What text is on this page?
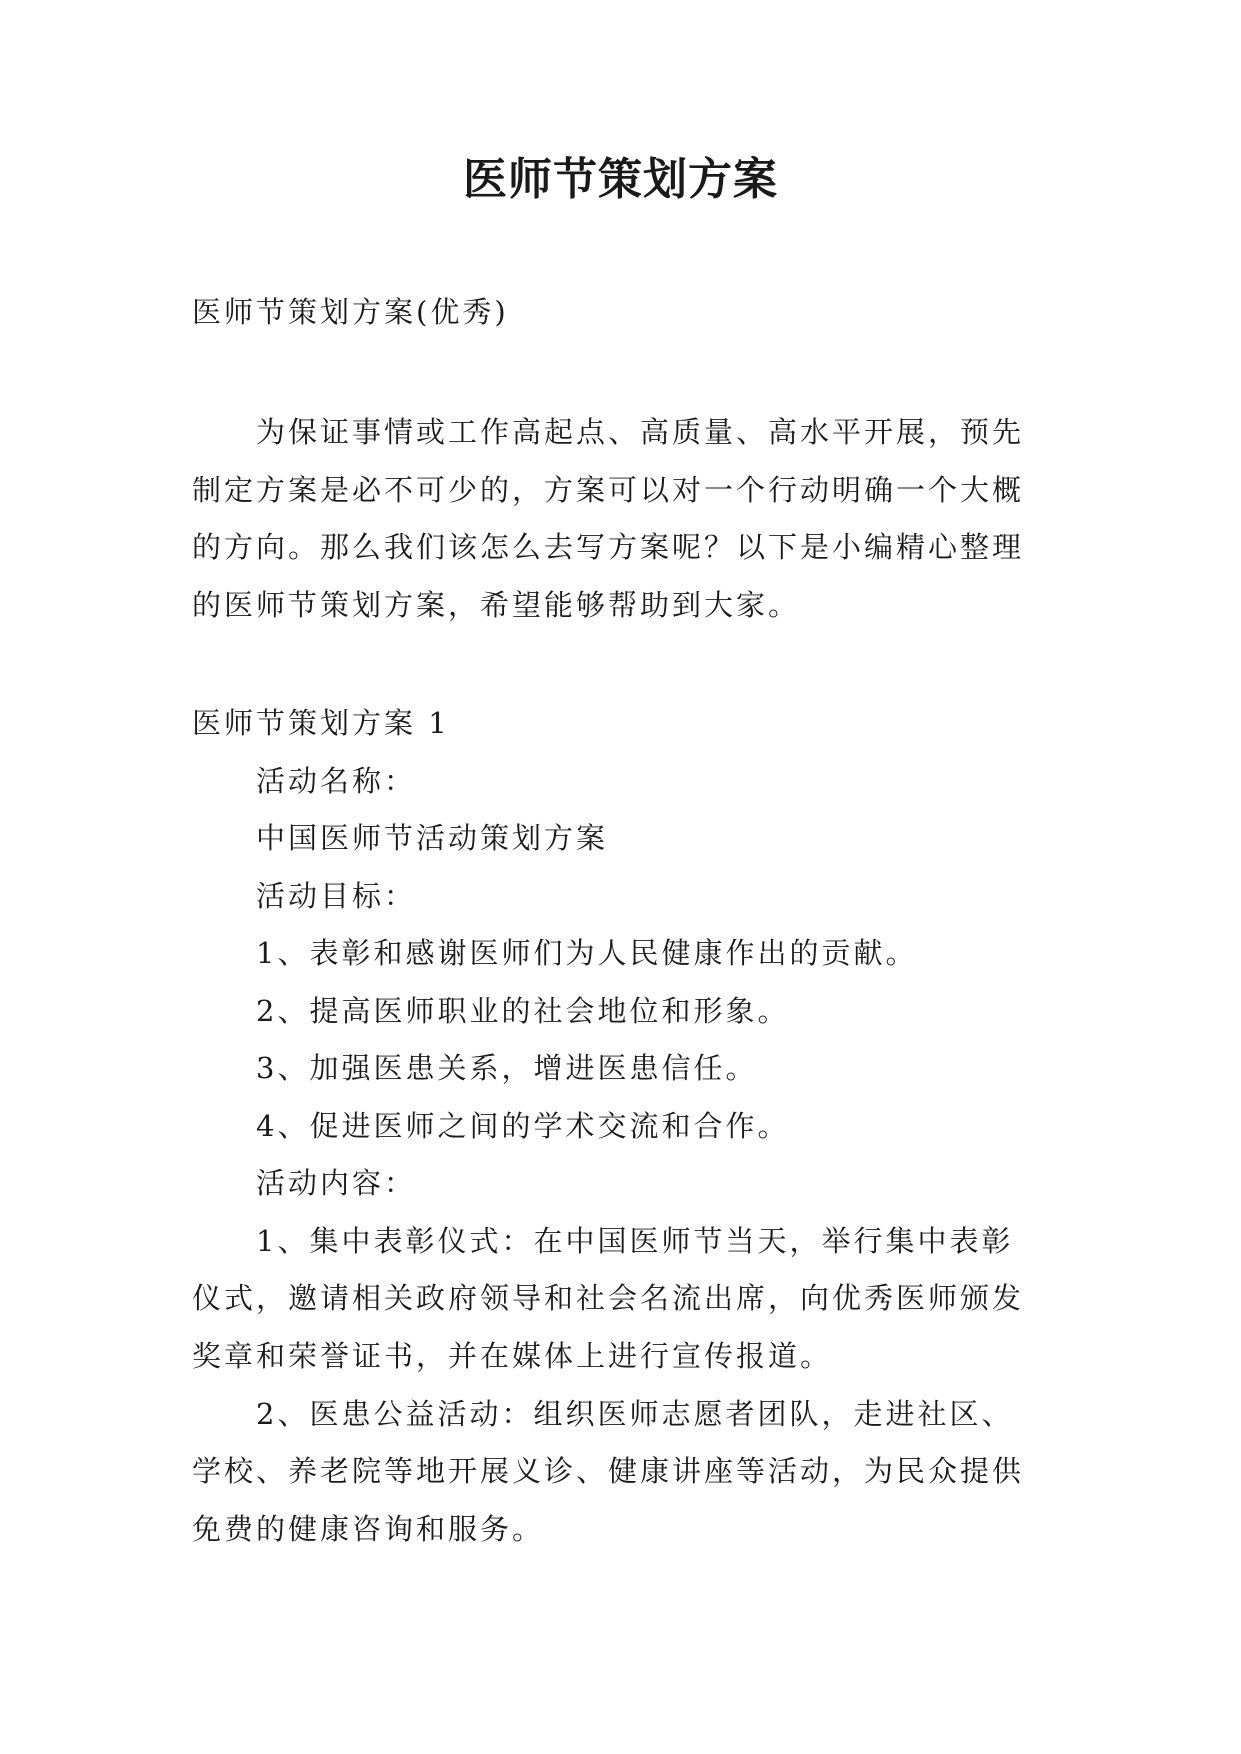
医师节策划方案

医师节策划方案(优秀)

为保证事情或工作高起点、高质量、高水平开展，预先

制定方案是必不可少的，方案可以对一个行动明确一个大概

的方向。那么我们该怎么去写方案呢？以下是小编精心整理

的医师节策划方案，希望能够帮助到大家。

医师节策划方案 1

活动名称：

中国医师节活动策划方案

活动目标：

1、表彰和感谢医师们为人民健康作出的贡献。

2、提高医师职业的社会地位和形象。

3、加强医患关系，增进医患信任。

4、促进医师之间的学术交流和合作。

活动内容：

1、集中表彰仪式：在中国医师节当天，举行集中表彰

仪式，邀请相关政府领导和社会名流出席，向优秀医师颁发

奖章和荣誉证书，并在媒体上进行宣传报道。

2、医患公益活动：组织医师志愿者团队，走进社区、

学校、养老院等地开展义诊、健康讲座等活动，为民众提供

免费的健康咨询和服务。
